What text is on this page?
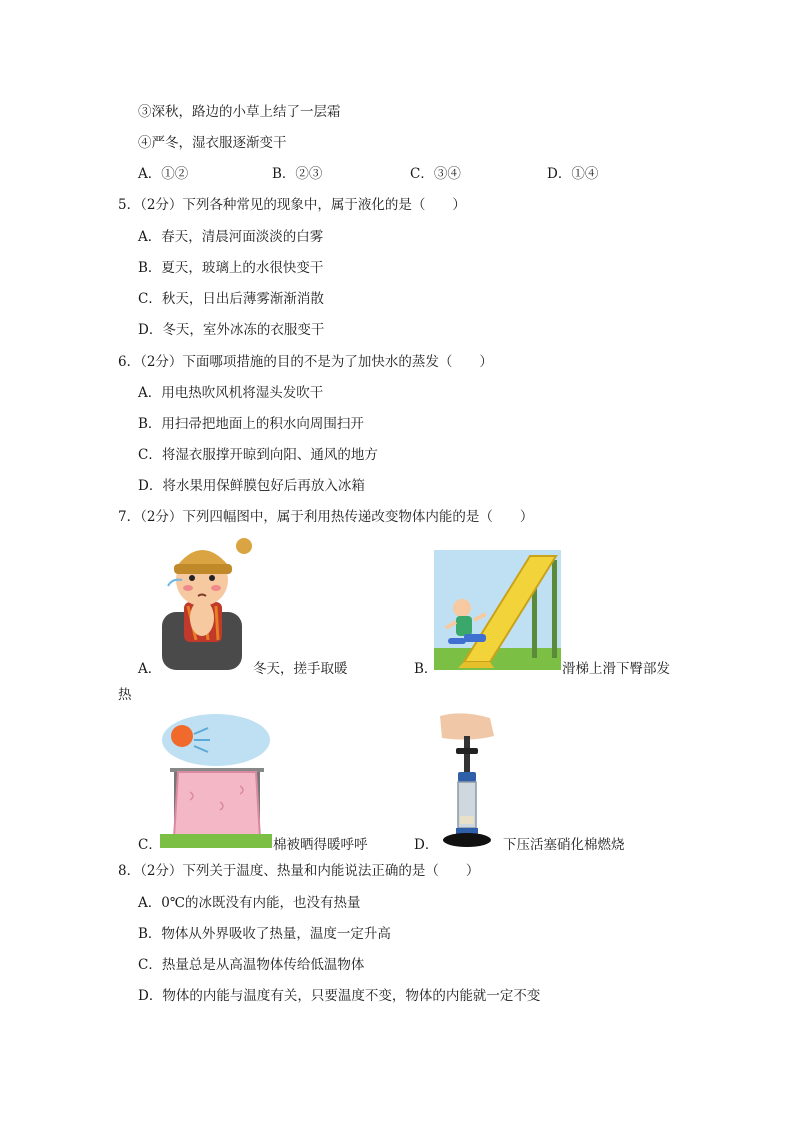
③深秋，路边的小草上结了一层霜
④严冬，湿衣服逐渐变干
A．①②	B．②③	C．③④	D．①④
5．（2分）下列各种常见的现象中，属于液化的是（　　）
A．春天，清晨河面淡淡的白雾
B．夏天，玻璃上的水很快变干
C．秋天，日出后薄雾渐渐消散
D．冬天，室外冰冻的衣服变干
6．（2分）下面哪项措施的目的不是为了加快水的蒸发（　　）
A．用电热吹风机将湿头发吹干
B．用扫帚把地面上的积水向周围扫开
C．将湿衣服撑开晾到向阳、通风的地方
D．将水果用保鲜膜包好后再放入冰箱
7．（2分）下列四幅图中，属于利用热传递改变物体内能的是（　　）
A．	冬天，搓手取暖	B．	滑梯上滑下臀部发
热
C．	棉被晒得暖呼呼	D．	下压活塞硝化棉燃烧
8．（2分）下列关于温度、热量和内能说法正确的是（　　）
A．0℃的冰既没有内能，也没有热量
B．物体从外界吸收了热量，温度一定升高
C．热量总是从高温物体传给低温物体
D．物体的内能与温度有关，只要温度不变，物体的内能就一定不变
